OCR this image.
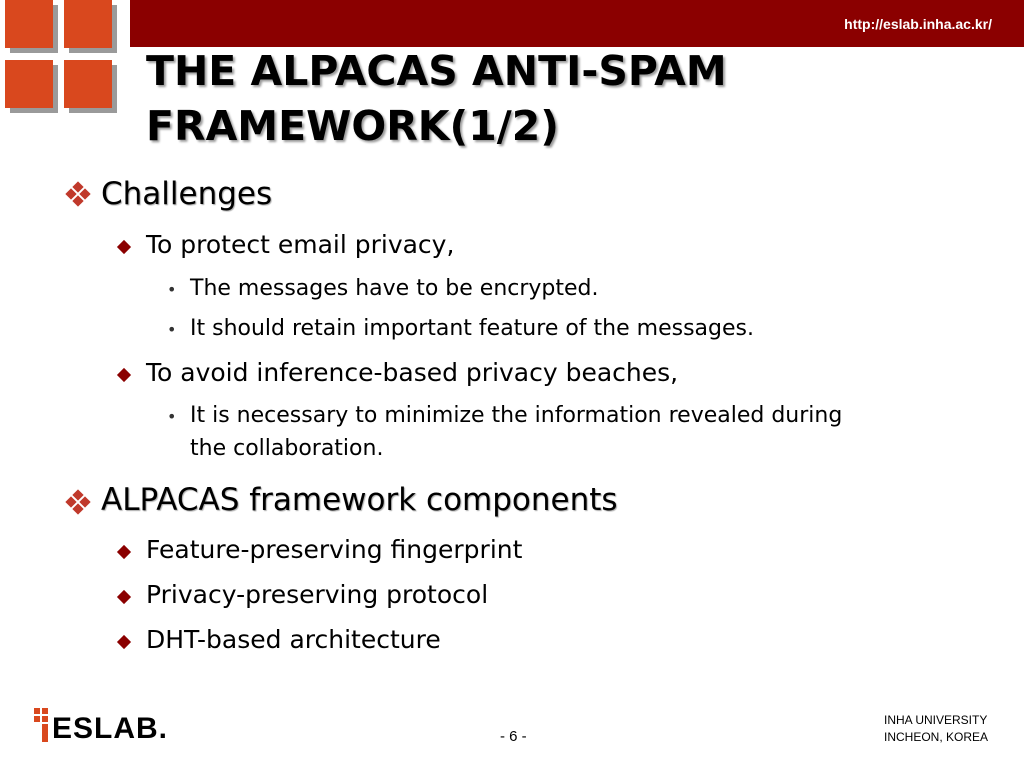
http://eslab.inha.ac.kr/
THE ALPACAS ANTI-SPAM
FRAMEWORK(1/2)
Challenges
To protect email privacy,
• The messages have to be encrypted.
• It should retain important feature of the messages.
To avoid inference-based privacy beaches,
• It is necessary to minimize the information revealed during
the collaboration.
ALPACAS framework components
Feature-preserving fingerprint
Privacy-preserving protocol
DHT-based architecture
ESLAB.	- 6 -
INHA UNIVERSITY
INCHEON, KOREA
